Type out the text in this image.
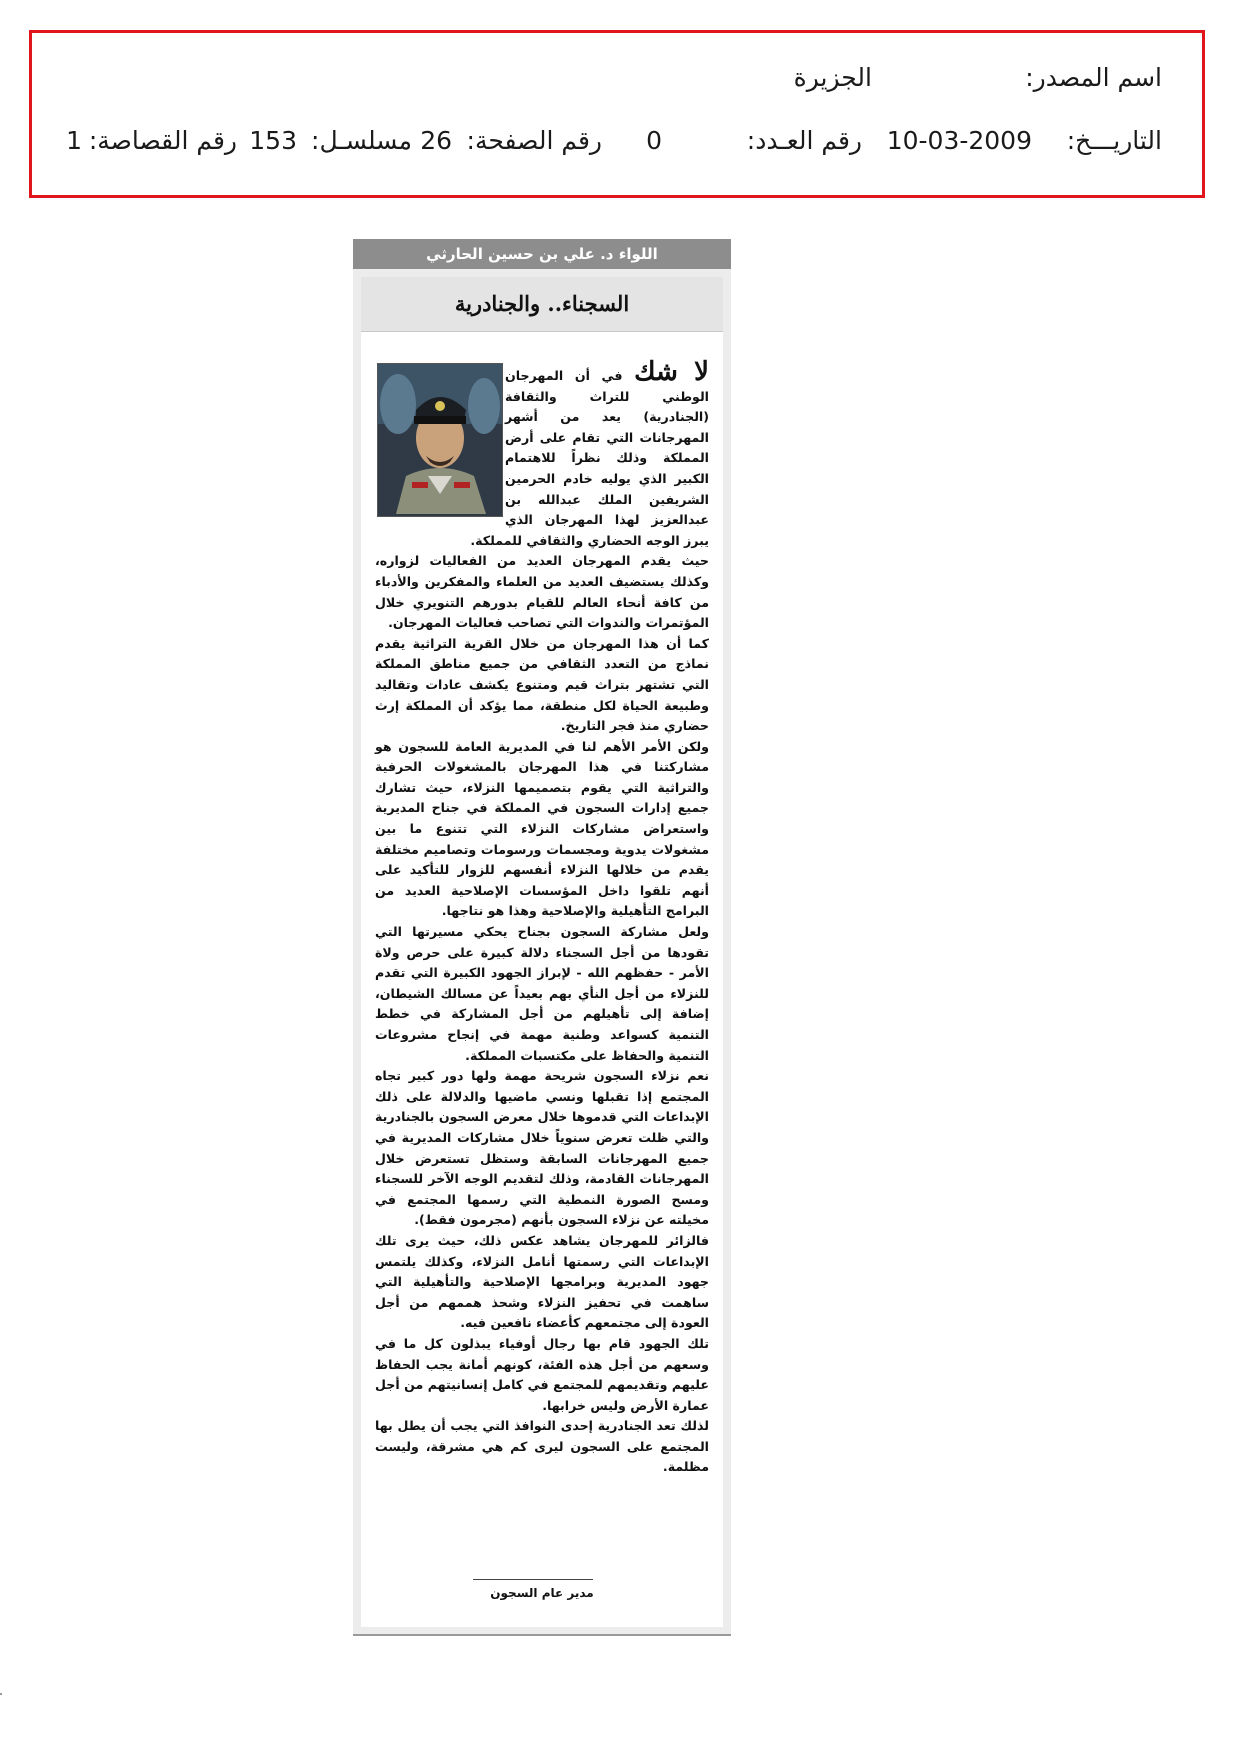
اسم المصدر:
الجزيرة
التاريـــخ:
10-03-2009
رقم العـدد:
0
رقم الصفحة:
26
مسلسـل:
153
رقم القصاصة:
1
اللواء د. علي بن حسين الحارثي
السجناء.. والجنادرية

لا شك في أن المهرجان الوطني للتراث والثقافة (الجنادرية) يعد من أشهر المهرجانات التي تقام على أرض المملكة وذلك نظراً للاهتمام الكبير الذي يوليه خادم الحرمين الشريفين الملك عبدالله بن عبدالعزيز لهذا المهرجان الذي يبرز الوجه الحضاري والثقافي للمملكة.

حيث يقدم المهرجان العديد من الفعاليات لزواره، وكذلك يستضيف العديد من العلماء والمفكرين والأدباء من كافة أنحاء العالم للقيام بدورهم التنويري خلال المؤتمرات والندوات التي تصاحب فعاليات المهرجان.

كما أن هذا المهرجان من خلال القرية التراثية يقدم نماذج من التعدد الثقافي من جميع مناطق المملكة التي تشتهر بتراث قيم ومتنوع يكشف عادات وتقاليد وطبيعة الحياة لكل منطقة، مما يؤكد أن المملكة إرث حضاري منذ فجر التاريخ.

ولكن الأمر الأهم لنا في المديرية العامة للسجون هو مشاركتنا في هذا المهرجان بالمشغولات الحرفية والتراثية التي يقوم بتصميمها النزلاء، حيث تشارك جميع إدارات السجون في المملكة في جناح المديرية واستعراض مشاركات النزلاء التي تتنوع ما بين مشغولات يدوية ومجسمات ورسومات وتصاميم مختلفة يقدم من خلالها النزلاء أنفسهم للزوار للتأكيد على أنهم تلقوا داخل المؤسسات الإصلاحية العديد من البرامج التأهيلية والإصلاحية وهذا هو نتاجها.

ولعل مشاركة السجون بجناح يحكي مسيرتها التي تقودها من أجل السجناء دلالة كبيرة على حرص ولاة الأمر - حفظهم الله - لإبراز الجهود الكبيرة التي تقدم للنزلاء من أجل النأي بهم بعيداً عن مسالك الشيطان، إضافة إلى تأهيلهم من أجل المشاركة في خطط التنمية كسواعد وطنية مهمة في إنجاح مشروعات التنمية والحفاظ على مكتسبات المملكة.

نعم نزلاء السجون شريحة مهمة ولها دور كبير تجاه المجتمع إذا تقبلها ونسي ماضيها والدلالة على ذلك الإبداعات التي قدموها خلال معرض السجون بالجنادرية والتي ظلت تعرض سنوياً خلال مشاركات المديرية في جميع المهرجانات السابقة وستظل تستعرض خلال المهرجانات القادمة، وذلك لتقديم الوجه الآخر للسجناء ومسح الصورة النمطية التي رسمها المجتمع في مخيلته عن نزلاء السجون بأنهم (مجرمون فقط).

فالزائر للمهرجان يشاهد عكس ذلك، حيث يرى تلك الإبداعات التي رسمتها أنامل النزلاء، وكذلك يلتمس جهود المديرية وبرامجها الإصلاحية والتأهيلية التي ساهمت في تحفيز النزلاء وشحذ هممهم من أجل العودة إلى مجتمعهم كأعضاء نافعين فيه.

تلك الجهود قام بها رجال أوفياء يبذلون كل ما في وسعهم من أجل هذه الفئة، كونهم أمانة يجب الحفاظ عليهم وتقديمهم للمجتمع في كامل إنسانيتهم من أجل عمارة الأرض وليس خرابها.

لذلك تعد الجنادرية إحدى النوافذ التي يجب أن يطل بها المجتمع على السجون ليرى كم هي مشرقة، وليست مظلمة.

مدير عام السجون
